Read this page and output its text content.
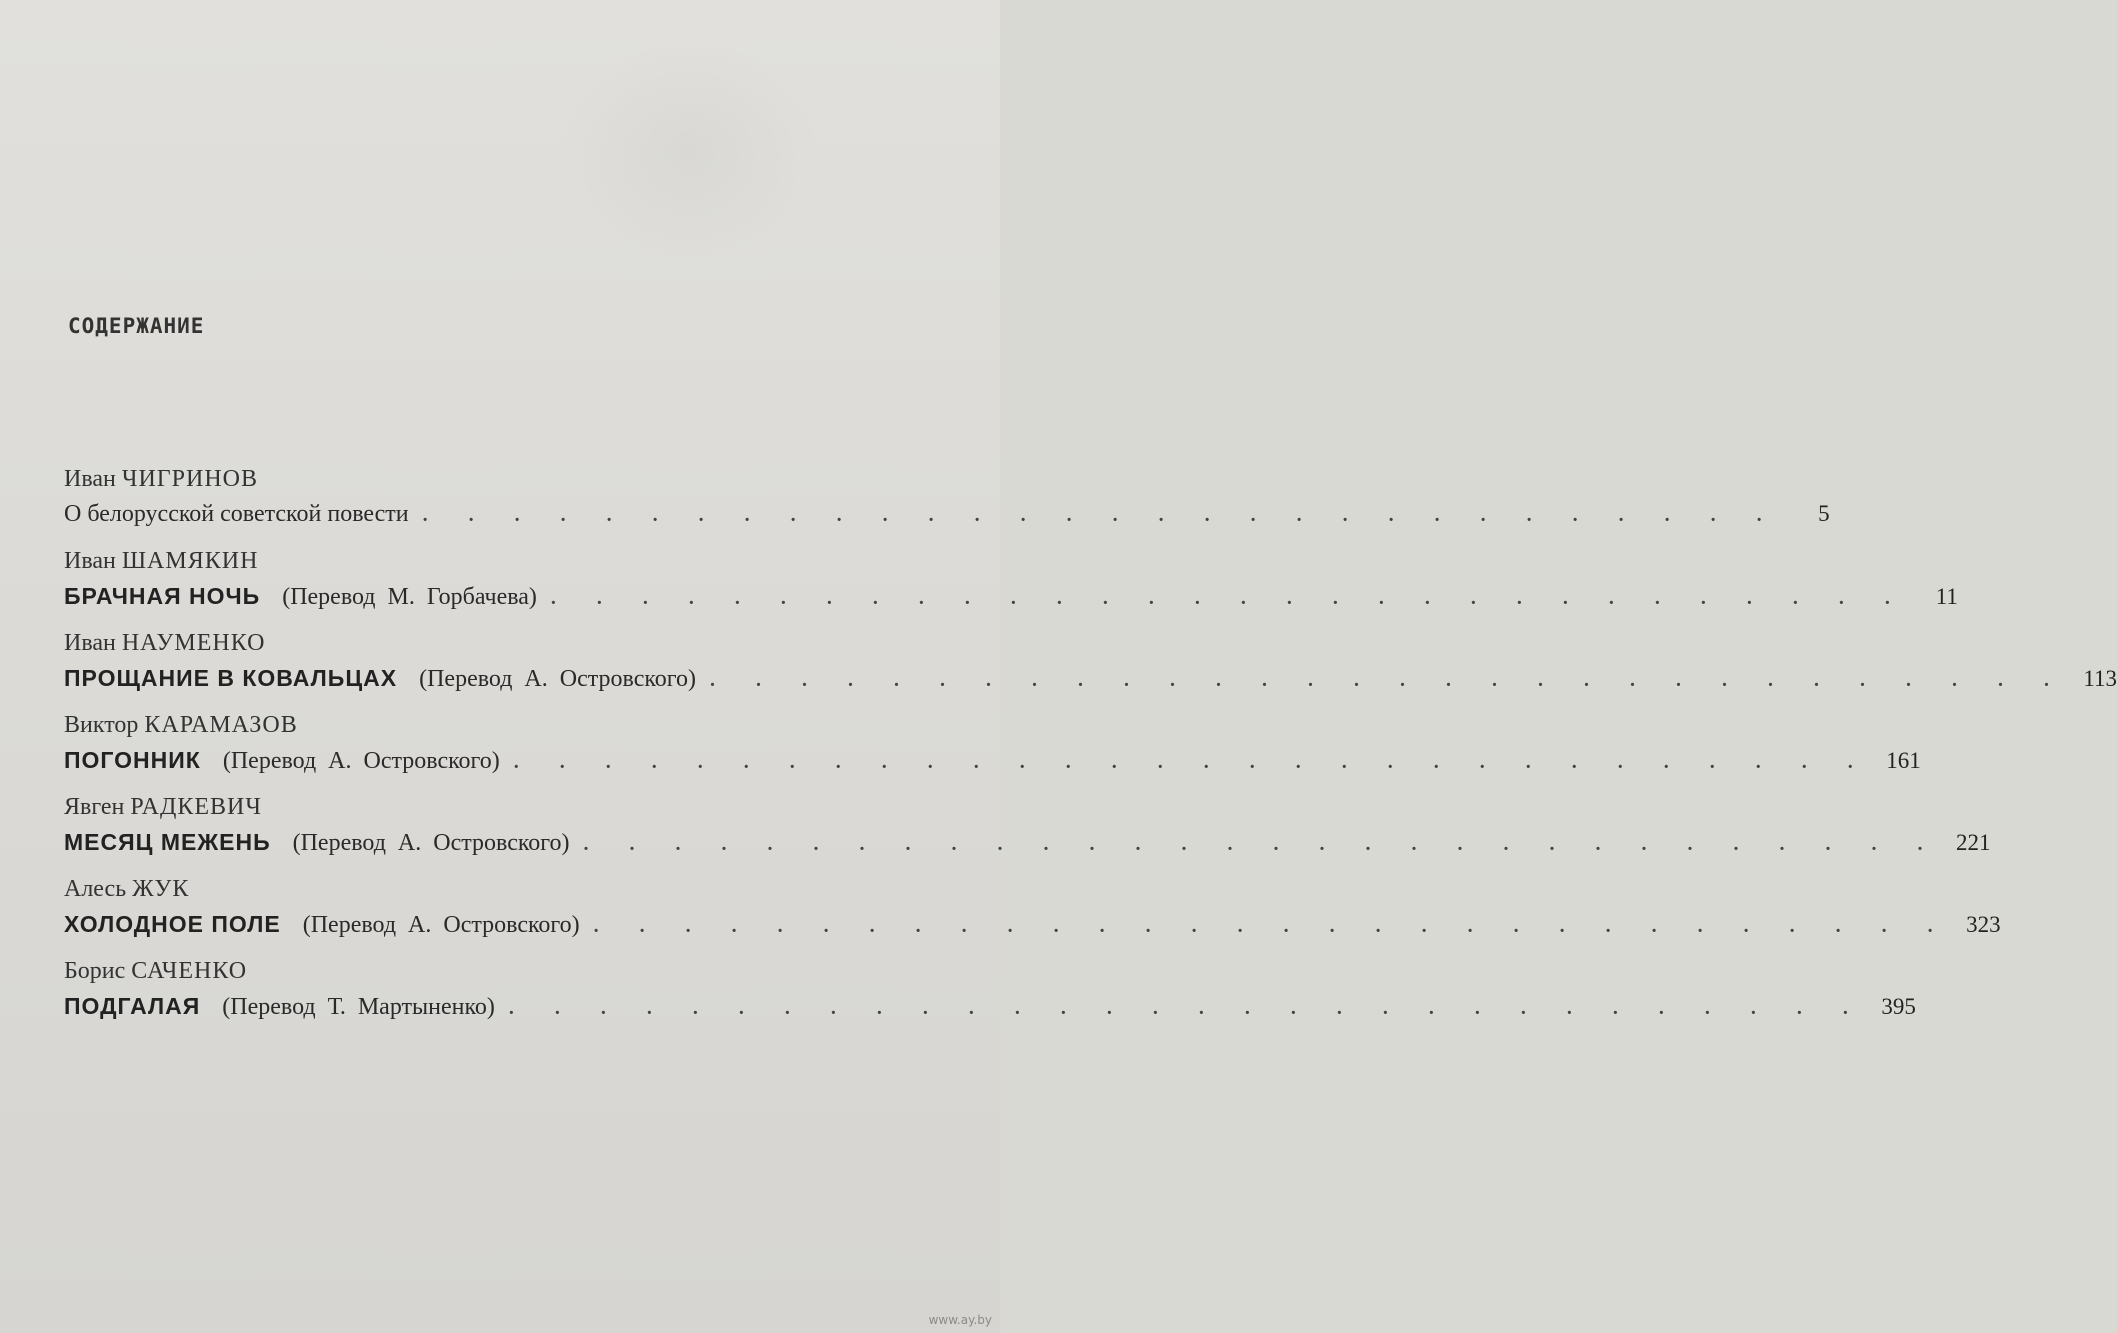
СОДЕРЖАНИЕ
Иван ЧИГРИНОВ
О белорусской советской повести . . . . . . . . . . . . . . . . . . . . . . . . . . . . . .	5
Иван ШАМЯКИН
БРАЧНАЯ НОЧЬ (Перевод М. Горбачева) . . . . . . . . . . . . . . . . . . . . . . . . . . . . . .	11
Иван НАУМЕНКО
ПРОЩАНИЕ В КОВАЛЬЦАХ (Перевод А. Островского) . . . . . . . . . . . . . . . . . . . . . . . . . . . . . . 113
Виктор КАРАМАЗОВ
ПОГОННИК (Перевод А. Островского) . . . . . . . . . . . . . . . . . . . . . . . . . . . . . . 161
Явген РАДКЕВИЧ
МЕСЯЦ МЕЖЕНЬ (Перевод А. Островского) . . . . . . . . . . . . . . . . . . . . . . . . . . . . . . 221
Алесь ЖУК
ХОЛОДНОЕ ПОЛЕ (Перевод А. Островского) . . . . . . . . . . . . . . . . . . . . . . . . . . . . . . 323
Борис САЧЕНКО
ПОДГАЛАЯ (Перевод Т. Мартыненко) . . . . . . . . . . . . . . . . . . . . . . . . . . . . . . 395
www.ay.by
